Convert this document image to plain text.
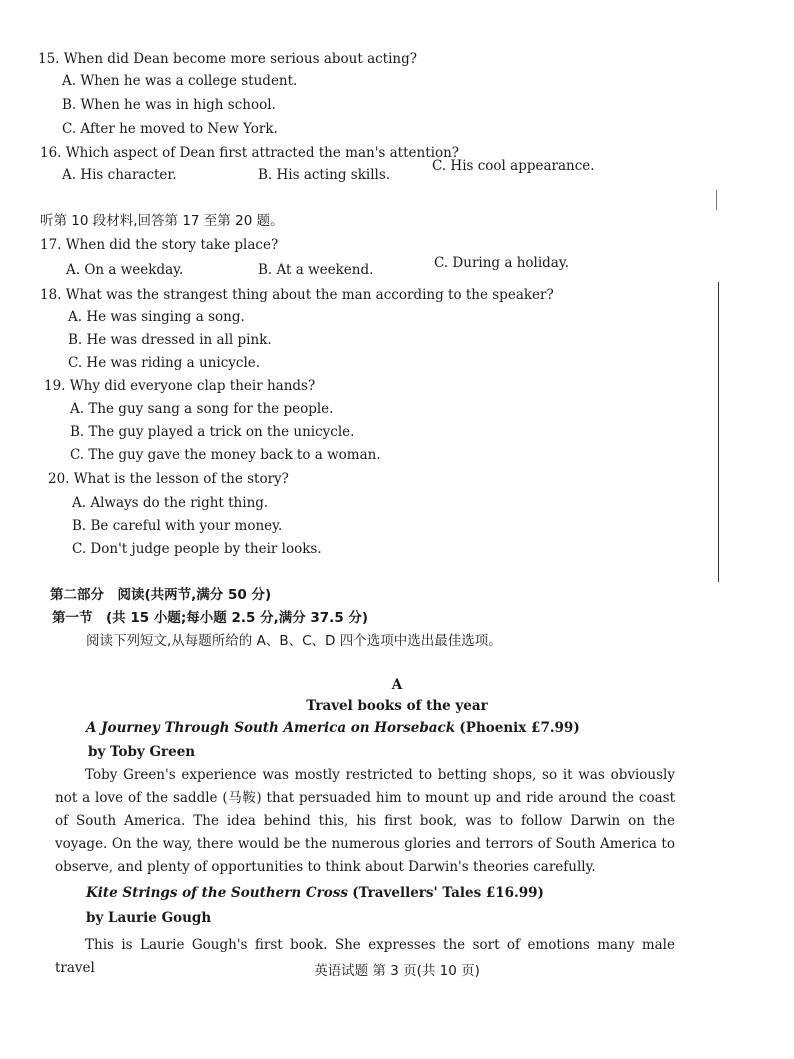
15. When did Dean become more serious about acting?
A. When he was a college student.
B. When he was in high school.
C. After he moved to New York.
16. Which aspect of Dean first attracted the man's attention?
A. His character.	B. His acting skills.
C. His cool appearance.
听第 10 段材料,回答第 17 至第 20 题。
17. When did the story take place?
A. On a weekday.	B. At a weekend.	C. During a holiday.
18. What was the strangest thing about the man according to the speaker?
A. He was singing a song.
B. He was dressed in all pink.
C. He was riding a unicycle.
19. Why did everyone clap their hands?
A. The guy sang a song for the people.
B. The guy played a trick on the unicycle.
C. The guy gave the money back to a woman.
20. What is the lesson of the story?
A. Always do the right thing.
B. Be careful with your money.
C. Don't judge people by their looks.
第二部分　阅读(共两节,满分 50 分)
第一节　(共 15 小题;每小题 2.5 分,满分 37.5 分)
阅读下列短文,从每题所给的 A、B、C、D 四个选项中选出最佳选项。
A
Travel books of the year
A Journey Through South America on Horseback (Phoenix £7.99)
by Toby Green

Toby Green's experience was mostly restricted to betting shops, so it was obviously not a love of the saddle (马鞍) that persuaded him to mount up and ride around the coast of South America. The idea behind this, his first book, was to follow Darwin on the voyage. On the way, there would be the numerous glories and terrors of South America to observe, and plenty of opportunities to think about Darwin's theories carefully.

Kite Strings of the Southern Cross (Travellers' Tales £16.99)
by Laurie Gough

This is Laurie Gough's first book. She expresses the sort of emotions many male travel	英语试题 第 3 页(共 10 页)
